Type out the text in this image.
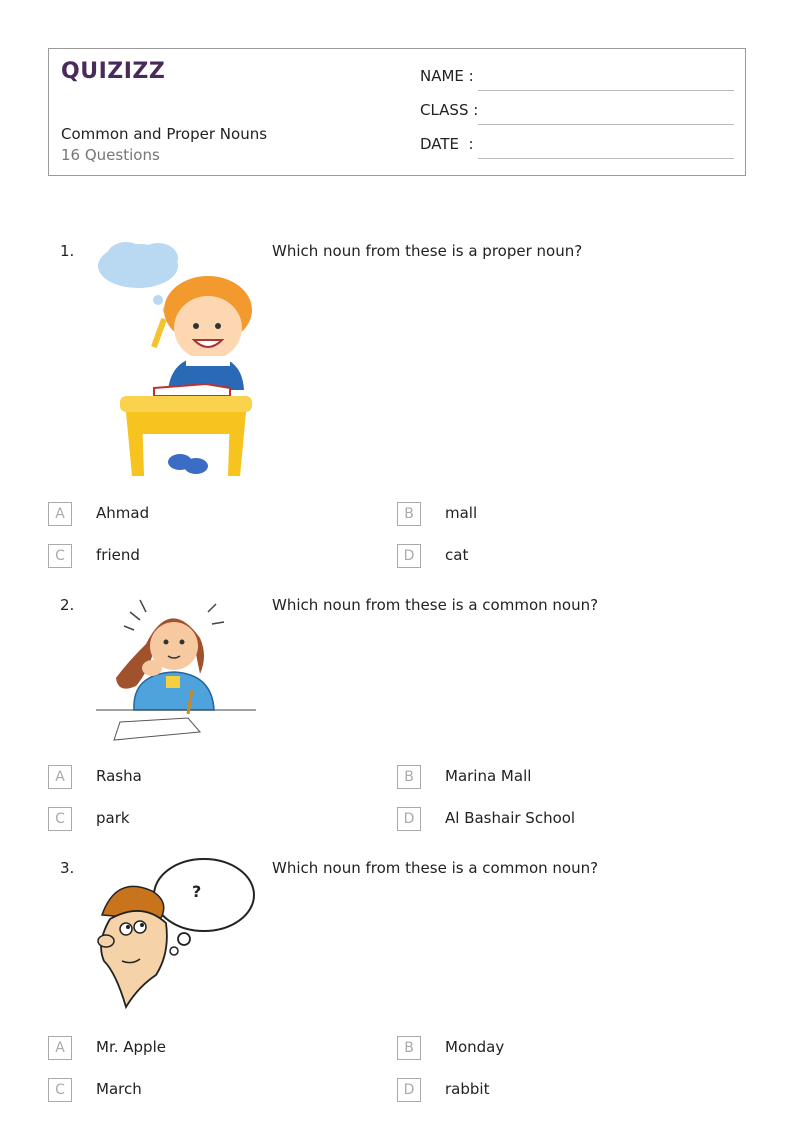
QUIZIZZ
Common and Proper Nouns
16 Questions
NAME :
CLASS :
DATE  :
1.	Which noun from these is a proper noun?
A	Ahmad	B	mall
C	friend	D	cat
2.	Which noun from these is a common noun?
A	Rasha	B	Marina Mall
C	park	D	Al Bashair School
3.	Which noun from these is a common noun?
?
A	Mr. Apple	B	Monday
C	March	D	rabbit
